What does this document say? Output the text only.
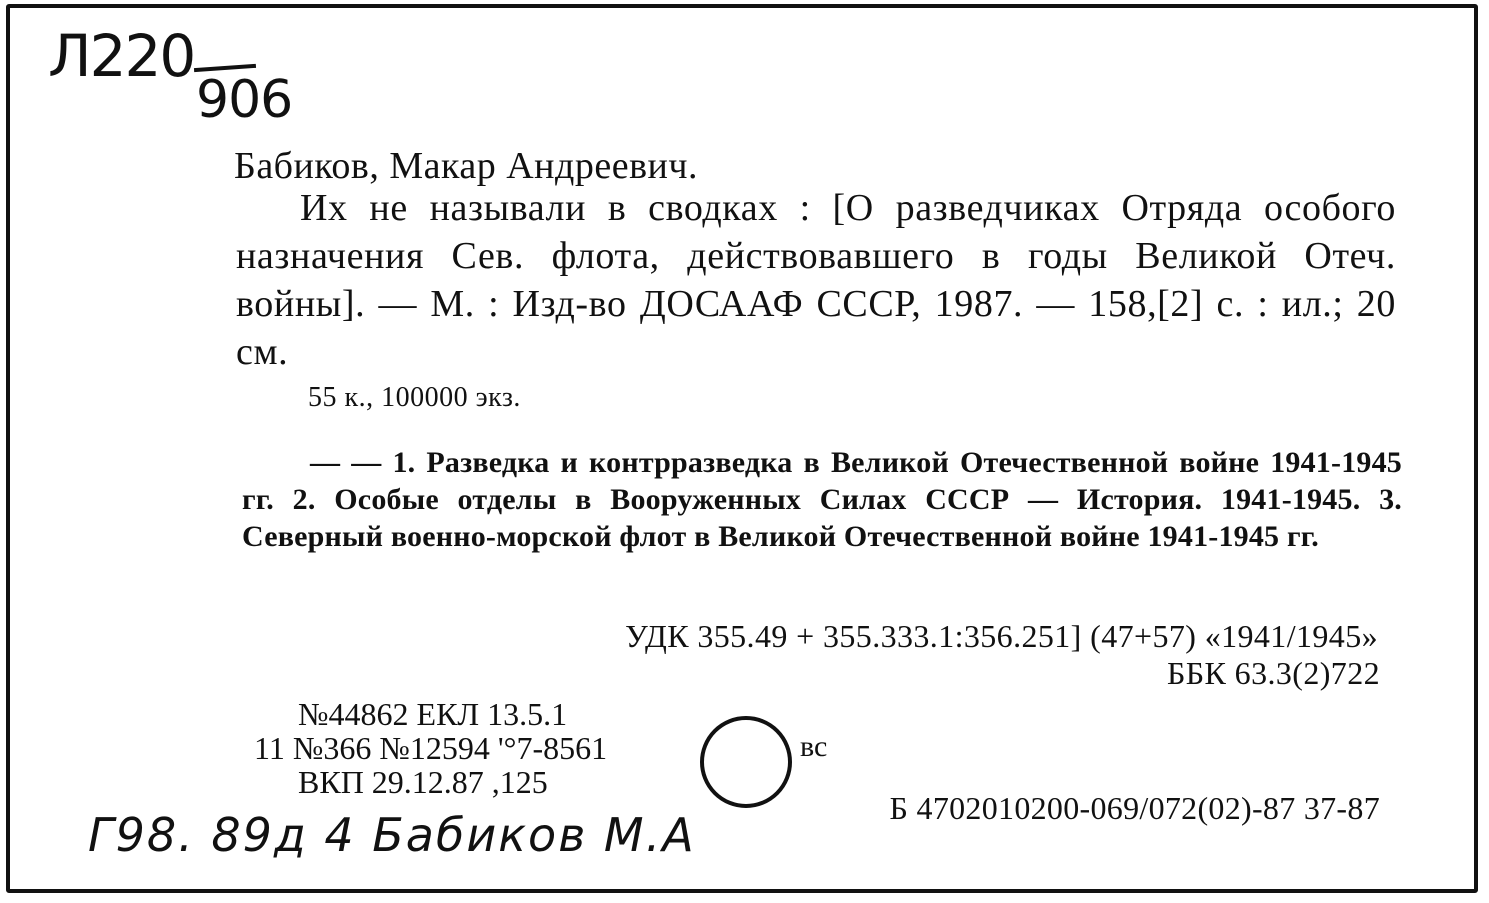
Л220
906
Бабиков, Макар Андреевич.
Их не называли в сводках : [О разведчиках Отряда особого назначения Сев. флота, действовавшего в годы Великой Отеч. войны]. — М. : Изд-во ДОСААФ СССР, 1987. — 158,[2] с. : ил.; 20 см.
55 к., 100000 экз.
— — 1. Разведка и контрразведка в Великой Отечественной войне 1941-1945 гг. 2. Особые отделы в Вооруженных Силах СССР — История. 1941-1945. 3. Северный военно-морской флот в Великой Отечественной войне 1941-1945 гг.
УДК 355.49 + 355.333.1:356.251] (47+57) «1941/1945»
ББК 63.3(2)722
№44862 ЕКЛ 13.5.1
11 №366 №12594 '°7-8561
ВКП 29.12.87 ,125
вс
Б 4702010200-069/072(02)-87 37-87
Г98. 89д 4 Бабиков М.А
